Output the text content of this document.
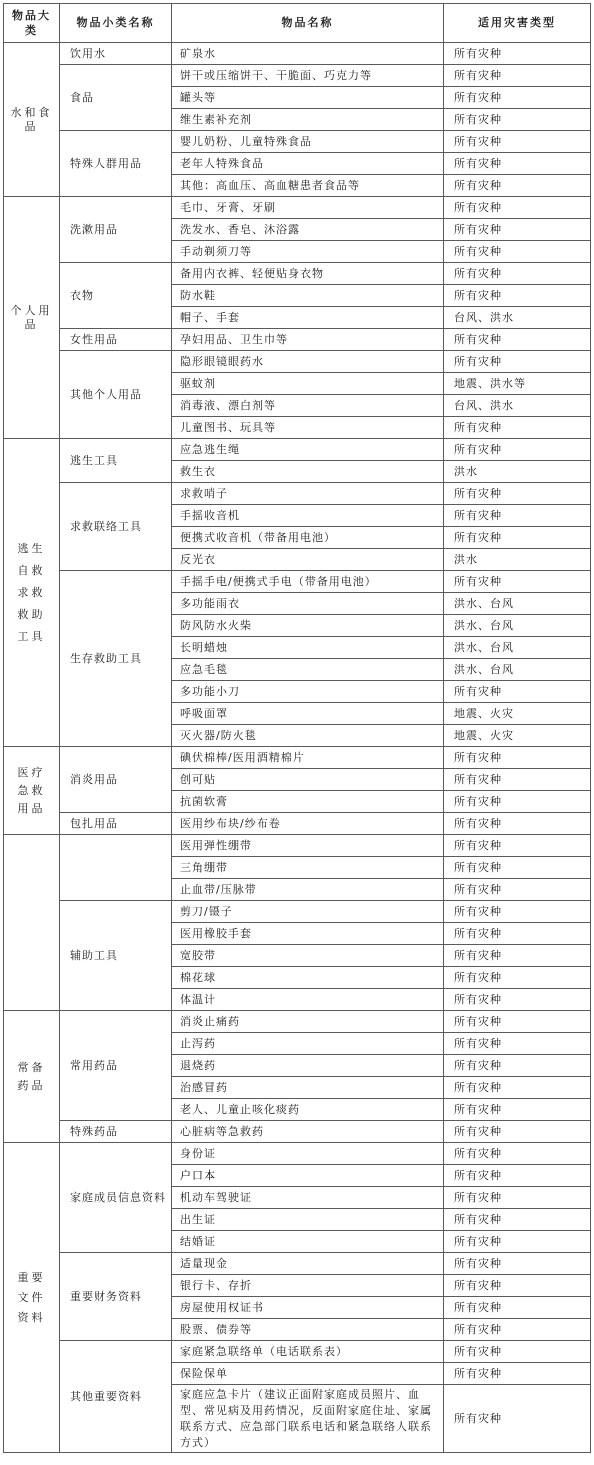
物品大类	物品小类名称	物品名称	适用灾害类型
水和食品	饮用水	矿泉水	所有灾种
	食品	饼干或压缩饼干、干脆面、巧克力等	所有灾种
		罐头等	所有灾种
		维生素补充剂	所有灾种
	特殊人群用品	婴儿奶粉、儿童特殊食品	所有灾种
		老年人特殊食品	所有灾种
		其他：高血压、高血糖患者食品等	所有灾种
个人用品	洗漱用品	毛巾、牙膏、牙刷	所有灾种
		洗发水、香皂、沐浴露	所有灾种
		手动剃须刀等	所有灾种
	衣物	备用内衣裤、轻便贴身衣物	所有灾种
		防水鞋	所有灾种
		帽子、手套	台风、洪水
	女性用品	孕妇用品、卫生巾等	所有灾种
	其他个人用品	隐形眼镜眼药水	所有灾种
		驱蚊剂	地震、洪水等
		消毒液、漂白剂等	台风、洪水
		儿童图书、玩具等	所有灾种
逃生自救求救救助工具	逃生工具	应急逃生绳	所有灾种
		救生衣	洪水
	求救联络工具	求救哨子	所有灾种
		手摇收音机	所有灾种
		便携式收音机（带备用电池）	所有灾种
		反光衣	洪水
	生存救助工具	手摇手电/便携式手电（带备用电池）	所有灾种
		多功能雨衣	洪水、台风
		防风防水火柴	洪水、台风
		长明蜡烛	洪水、台风
		应急毛毯	洪水、台风
		多功能小刀	所有灾种
		呼吸面罩	地震、火灾
		灭火器/防火毯	地震、火灾
医疗急救用品	消炎用品	碘伏棉棒/医用酒精棉片	所有灾种
		创可贴	所有灾种
		抗菌软膏	所有灾种
	包扎用品	医用纱布块/纱布卷	所有灾种
		医用弹性绷带	所有灾种
		三角绷带	所有灾种
		止血带/压脉带	所有灾种
	辅助工具	剪刀/镊子	所有灾种
		医用橡胶手套	所有灾种
		宽胶带	所有灾种
		棉花球	所有灾种
		体温计	所有灾种
常备药品	常用药品	消炎止痛药	所有灾种
		止泻药	所有灾种
		退烧药	所有灾种
		治感冒药	所有灾种
		老人、儿童止咳化痰药	所有灾种
	特殊药品	心脏病等急救药	所有灾种
重要文件资料	家庭成员信息资料	身份证	所有灾种
		户口本	所有灾种
		机动车驾驶证	所有灾种
		出生证	所有灾种
		结婚证	所有灾种
	重要财务资料	适量现金	所有灾种
		银行卡、存折	所有灾种
		房屋使用权证书	所有灾种
		股票、债券等	所有灾种
	其他重要资料	家庭紧急联络单（电话联系表）	所有灾种
		保险保单	所有灾种
		家庭应急卡片（建议正面附家庭成员照片、血型、常见病及用药情况，反面附家庭住址、家属联系方式、应急部门联系电话和紧急联络人联系方式）	所有灾种
